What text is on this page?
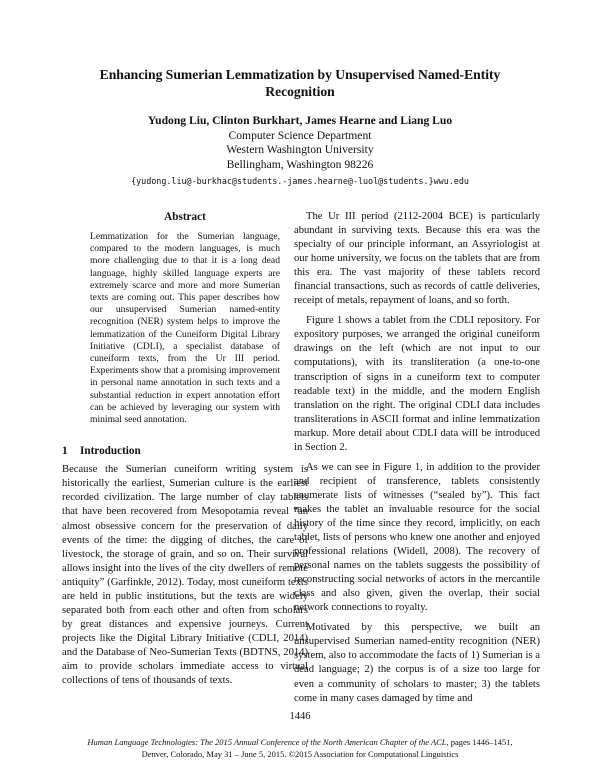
Enhancing Sumerian Lemmatization by Unsupervised Named-Entity Recognition
Yudong Liu, Clinton Burkhart, James Hearne and Liang Luo
Computer Science Department
Western Washington University
Bellingham, Washington 98226
{yudong.liu@-burkhac@students.-james.hearne@-luol@students.}wwu.edu
Abstract
Lemmatization for the Sumerian language, compared to the modern languages, is much more challenging due to that it is a long dead language, highly skilled language experts are extremely scarce and more and more Sumerian texts are coming out. This paper describes how our unsupervised Sumerian named-entity recognition (NER) system helps to improve the lemmatization of the Cuneiform Digital Library Initiative (CDLI), a specialist database of cuneiform texts, from the Ur III period. Experiments show that a promising improvement in personal name annotation in such texts and a substantial reduction in expert annotation effort can be achieved by leveraging our system with minimal seed annotation.
1 Introduction

Because the Sumerian cuneiform writing system is historically the earliest, Sumerian culture is the earliest recorded civilization. The large number of clay tablets that have been recovered from Mesopotamia reveal “an almost obsessive concern for the preservation of daily events of the time: the digging of ditches, the care of livestock, the storage of grain, and so on. Their survival allows insight into the lives of the city dwellers of remote antiquity” (Garfinkle, 2012). Today, most cuneiform texts are held in public institutions, but the texts are widely separated both from each other and often from scholars by great distances and expensive journeys. Current projects like the Digital Library Initiative (CDLI, 2014) and the Database of Neo-Sumerian Texts (BDTNS, 2014) aim to provide scholars immediate access to virtual collections of tens of thousands of texts.

The Ur III period (2112-2004 BCE) is particularly abundant in surviving texts. Because this era was the specialty of our principle informant, an Assyriologist at our home university, we focus on the tablets that are from this era. The vast majority of these tablets record financial transactions, such as records of cattle deliveries, receipt of metals, repayment of loans, and so forth.

Figure 1 shows a tablet from the CDLI repository. For expository purposes, we arranged the original cuneiform drawings on the left (which are not input to our computations), with its transliteration (a one-to-one transcription of signs in a cuneiform text to computer readable text) in the middle, and the modern English translation on the right. The original CDLI data includes transliterations in ASCII format and inline lemmatization markup. More detail about CDLI data will be introduced in Section 2.

As we can see in Figure 1, in addition to the provider and recipient of transference, tablets consistently enumerate lists of witnesses (“sealed by”). This fact makes the tablet an invaluable resource for the social history of the time since they record, implicitly, on each tablet, lists of persons who knew one another and enjoyed professional relations (Widell, 2008). The recovery of personal names on the tablets suggests the possibility of reconstructing social networks of actors in the mercantile class and also given, given the overlap, their social network connections to royalty.

Motivated by this perspective, we built an unsupervised Sumerian named-entity recognition (NER) system, also to accommodate the facts of 1) Sumerian is a dead language; 2) the corpus is of a size too large for even a community of scholars to master; 3) the tablets come in many cases damaged by time and

1446
Human Language Technologies: The 2015 Annual Conference of the North American Chapter of the ACL, pages 1446–1451,
Denver, Colorado, May 31 – June 5, 2015. ©2015 Association for Computational Linguistics
